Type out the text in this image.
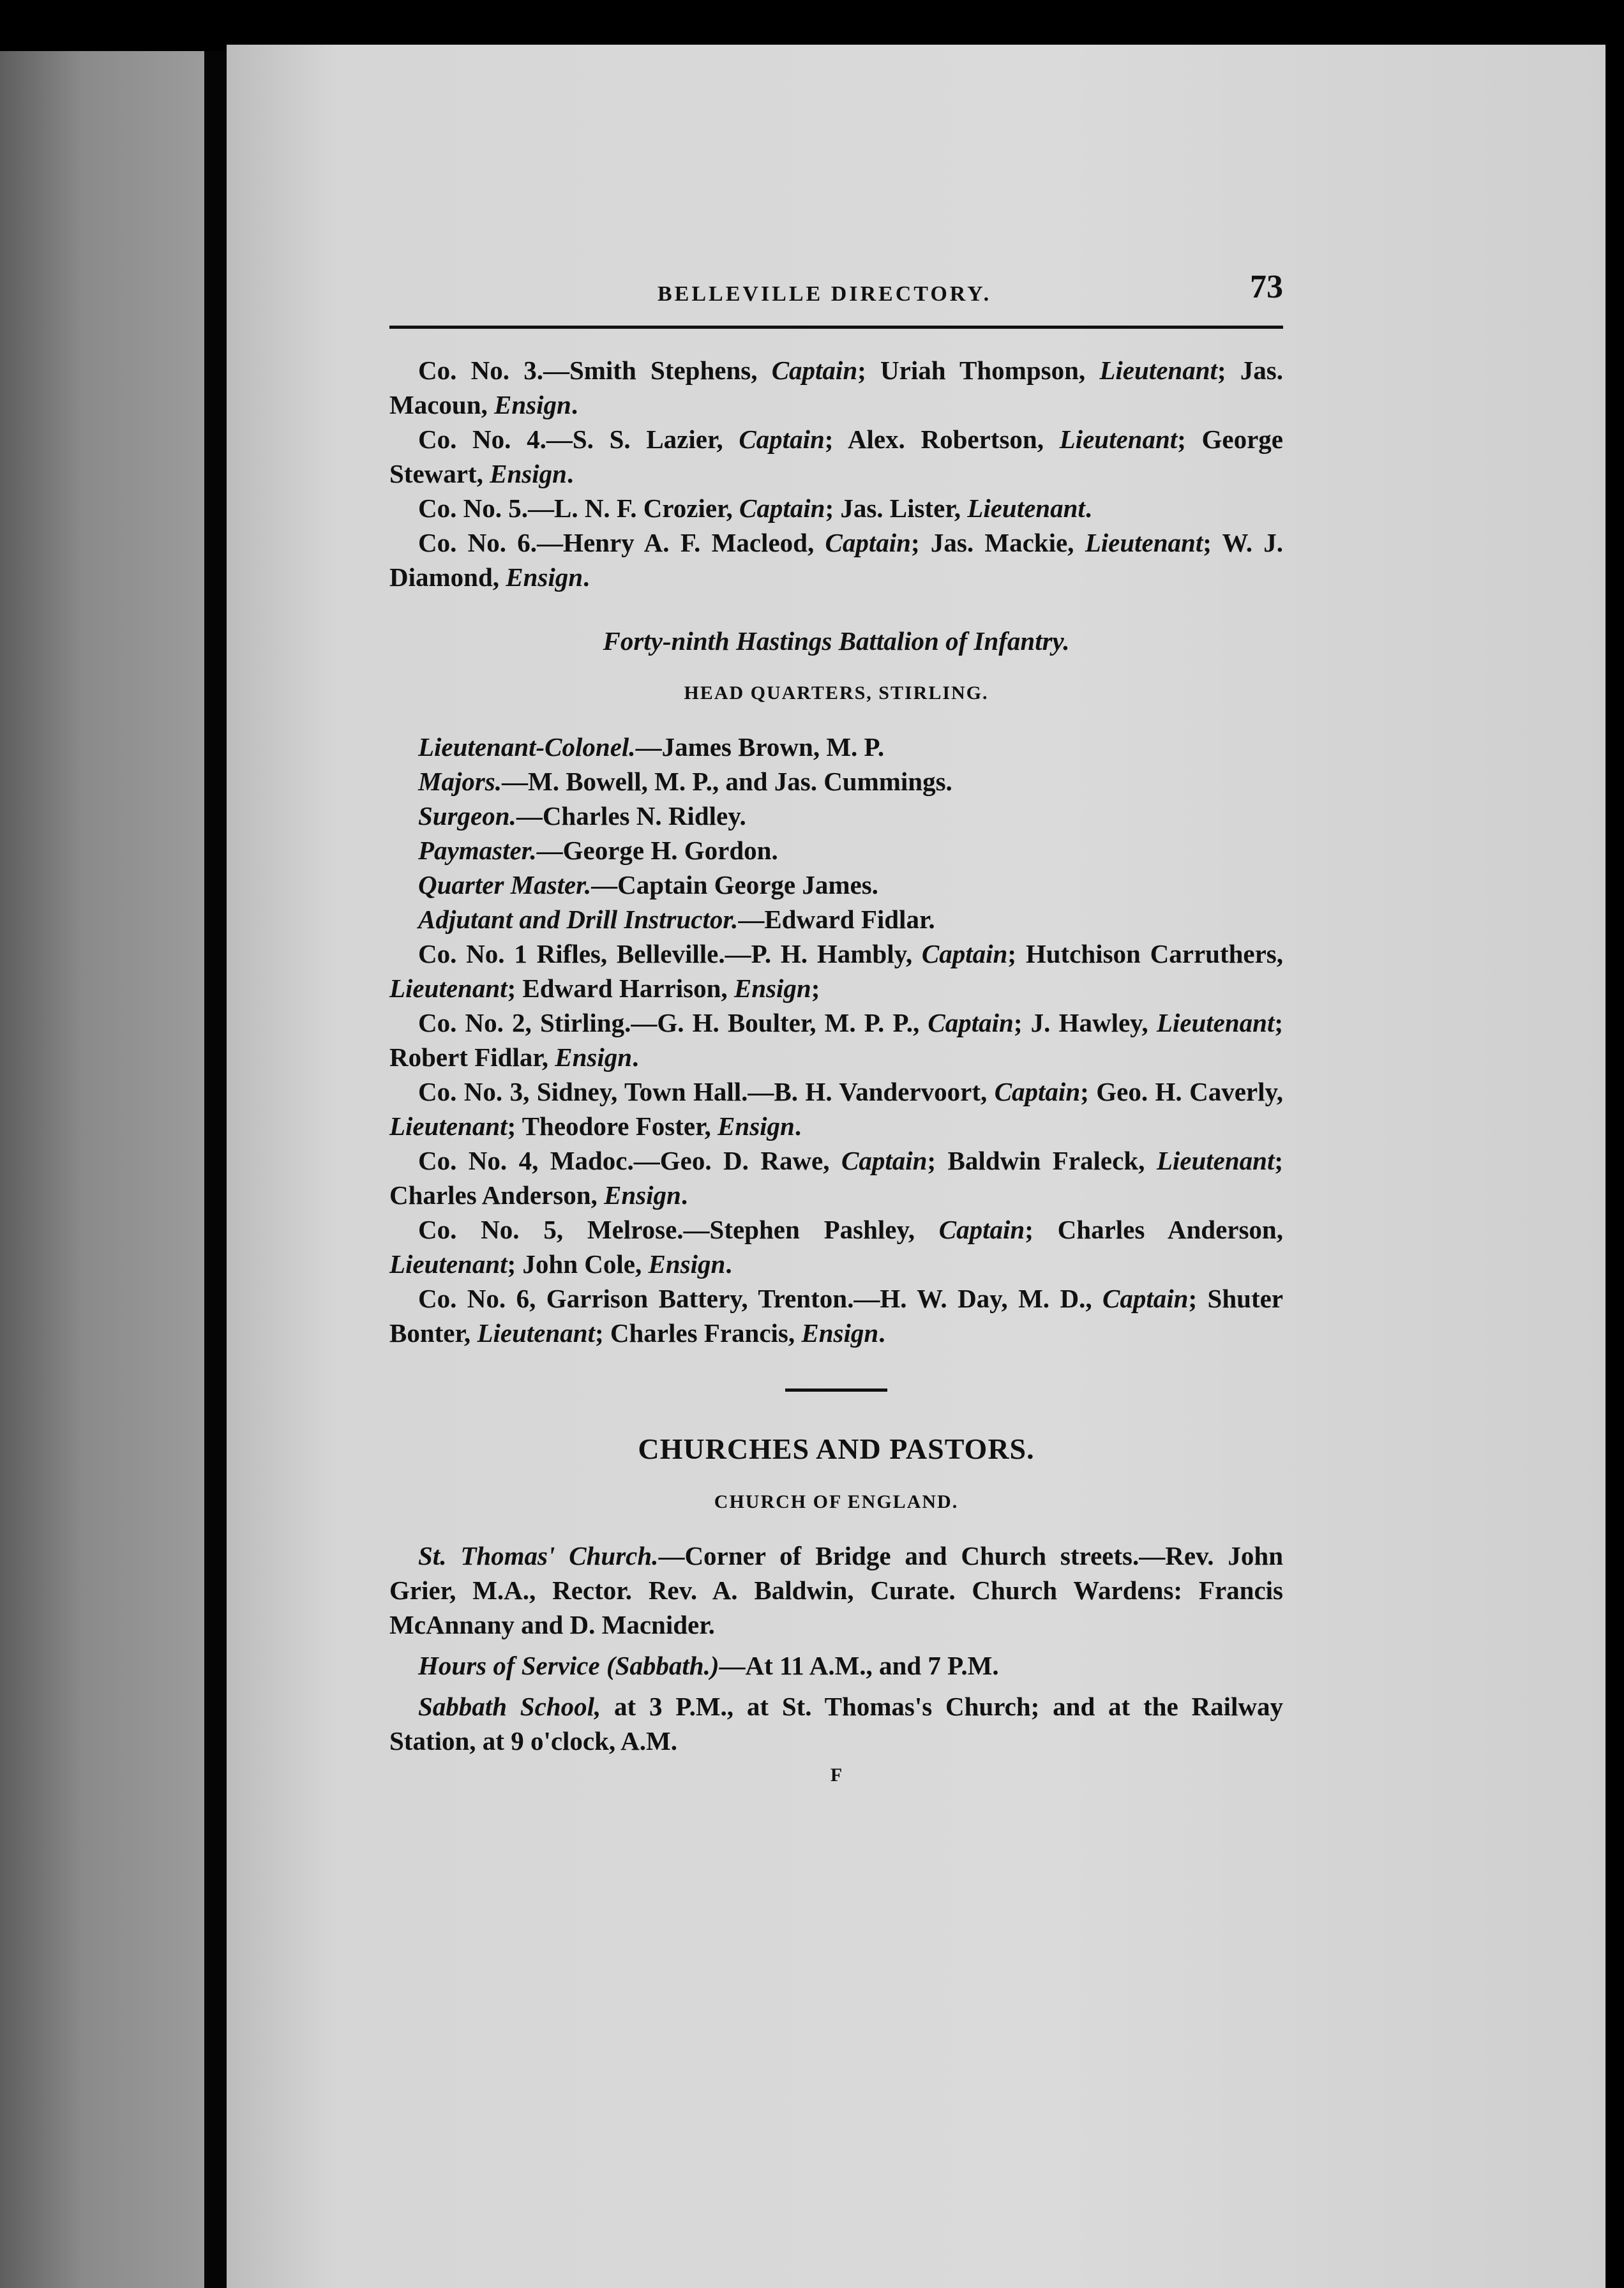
BELLEVILLE DIRECTORY.	73

Co. No. 3.—Smith Stephens, Captain; Uriah Thompson, Lieutenant; Jas. Macoun, Ensign.

Co. No. 4.—S. S. Lazier, Captain; Alex. Robertson, Lieutenant; George Stewart, Ensign.

Co. No. 5.—L. N. F. Crozier, Captain; Jas. Lister, Lieutenant.

Co. No. 6.—Henry A. F. Macleod, Captain; Jas. Mackie, Lieutenant; W. J. Diamond, Ensign.

Forty-ninth Hastings Battalion of Infantry.
HEAD QUARTERS, STIRLING.

Lieutenant-Colonel.—James Brown, M. P.

Majors.—M. Bowell, M. P., and Jas. Cummings.

Surgeon.—Charles N. Ridley.

Paymaster.—George H. Gordon.

Quarter Master.—Captain George James.

Adjutant and Drill Instructor.—Edward Fidlar.

Co. No. 1 Rifles, Belleville.—P. H. Hambly, Captain; Hutchison Carruthers, Lieutenant; Edward Harrison, Ensign;

Co. No. 2, Stirling.—G. H. Boulter, M. P. P., Captain; J. Hawley, Lieutenant; Robert Fidlar, Ensign.

Co. No. 3, Sidney, Town Hall.—B. H. Vandervoort, Captain; Geo. H. Caverly, Lieutenant; Theodore Foster, Ensign.

Co. No. 4, Madoc.—Geo. D. Rawe, Captain; Baldwin Fraleck, Lieutenant; Charles Anderson, Ensign.

Co. No. 5, Melrose.—Stephen Pashley, Captain; Charles Anderson, Lieutenant; John Cole, Ensign.

Co. No. 6, Garrison Battery, Trenton.—H. W. Day, M. D., Captain; Shuter Bonter, Lieutenant; Charles Francis, Ensign.

CHURCHES AND PASTORS.
CHURCH OF ENGLAND.

St. Thomas' Church.—Corner of Bridge and Church streets.—Rev. John Grier, M.A., Rector. Rev. A. Baldwin, Curate. Church Wardens: Francis McAnnany and D. Macnider.

Hours of Service (Sabbath.)—At 11 A.M., and 7 P.M.

Sabbath School, at 3 P.M., at St. Thomas's Church; and at the Railway Station, at 9 o'clock, A.M.

F
